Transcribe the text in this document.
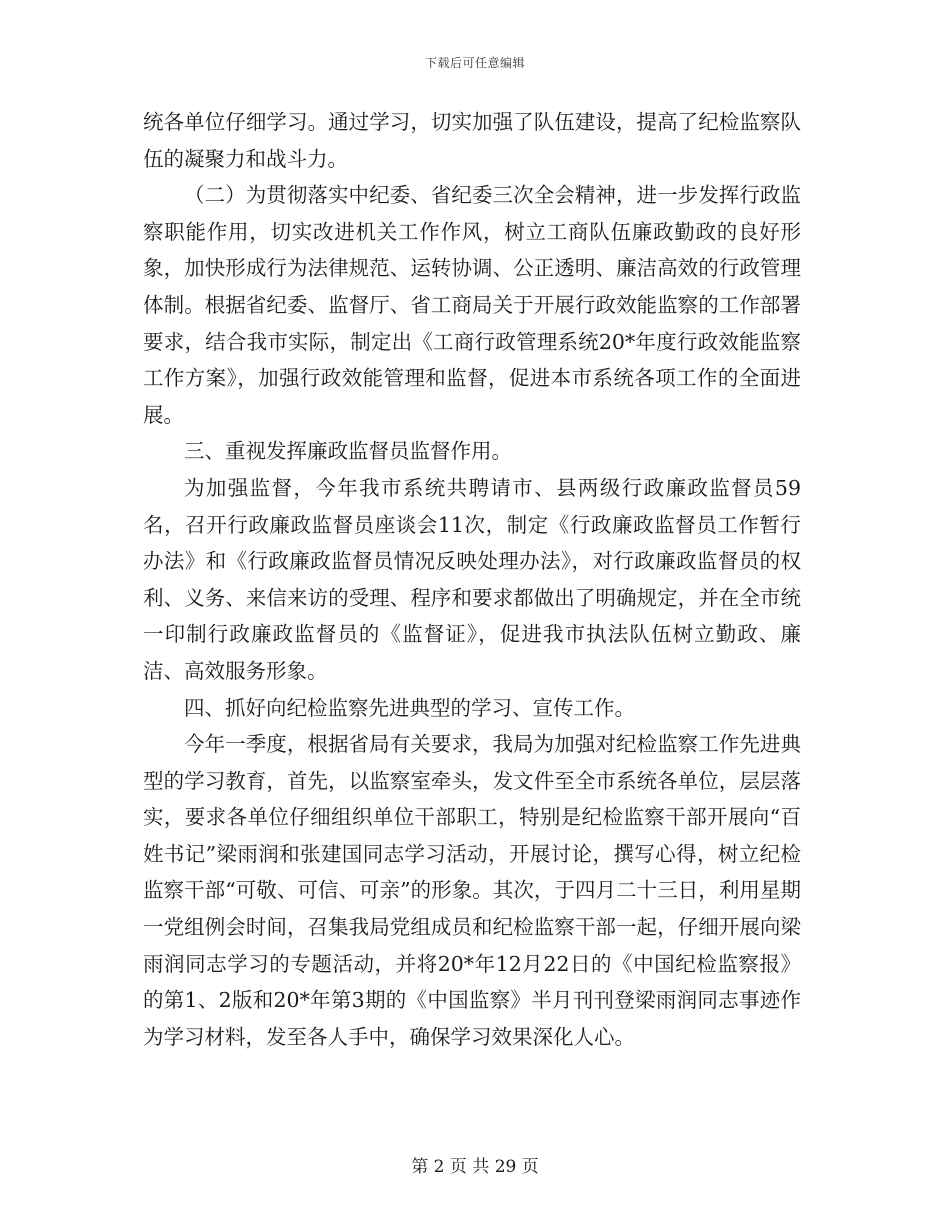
下载后可任意编辑

统各单位仔细学习。通过学习，切实加强了队伍建设，提高了纪检监察队伍的凝聚力和战斗力。

（二）为贯彻落实中纪委、省纪委三次全会精神，进一步发挥行政监察职能作用，切实改进机关工作作风，树立工商队伍廉政勤政的良好形象，加快形成行为法律规范、运转协调、公正透明、廉洁高效的行政管理体制。根据省纪委、监督厅、省工商局关于开展行政效能监察的工作部署要求，结合我市实际，制定出《工商行政管理系统20*年度行政效能监察工作方案》，加强行政效能管理和监督，促进本市系统各项工作的全面进展。

三、重视发挥廉政监督员监督作用。

为加强监督，今年我市系统共聘请市、县两级行政廉政监督员59名，召开行政廉政监督员座谈会11次，制定《行政廉政监督员工作暂行办法》和《行政廉政监督员情况反映处理办法》，对行政廉政监督员的权利、义务、来信来访的受理、程序和要求都做出了明确规定，并在全市统一印制行政廉政监督员的《监督证》，促进我市执法队伍树立勤政、廉洁、高效服务形象。

四、抓好向纪检监察先进典型的学习、宣传工作。

今年一季度，根据省局有关要求，我局为加强对纪检监察工作先进典型的学习教育，首先，以监察室牵头，发文件至全市系统各单位，层层落实，要求各单位仔细组织单位干部职工，特别是纪检监察干部开展向“百姓书记”梁雨润和张建国同志学习活动，开展讨论，撰写心得，树立纪检监察干部“可敬、可信、可亲”的形象。其次，于四月二十三日，利用星期一党组例会时间，召集我局党组成员和纪检监察干部一起，仔细开展向梁雨润同志学习的专题活动，并将20*年12月22日的《中国纪检监察报》的第1、2版和20*年第3期的《中国监察》半月刊刊登梁雨润同志事迹作为学习材料，发至各人手中，确保学习效果深化人心。

第 2 页 共 29 页
